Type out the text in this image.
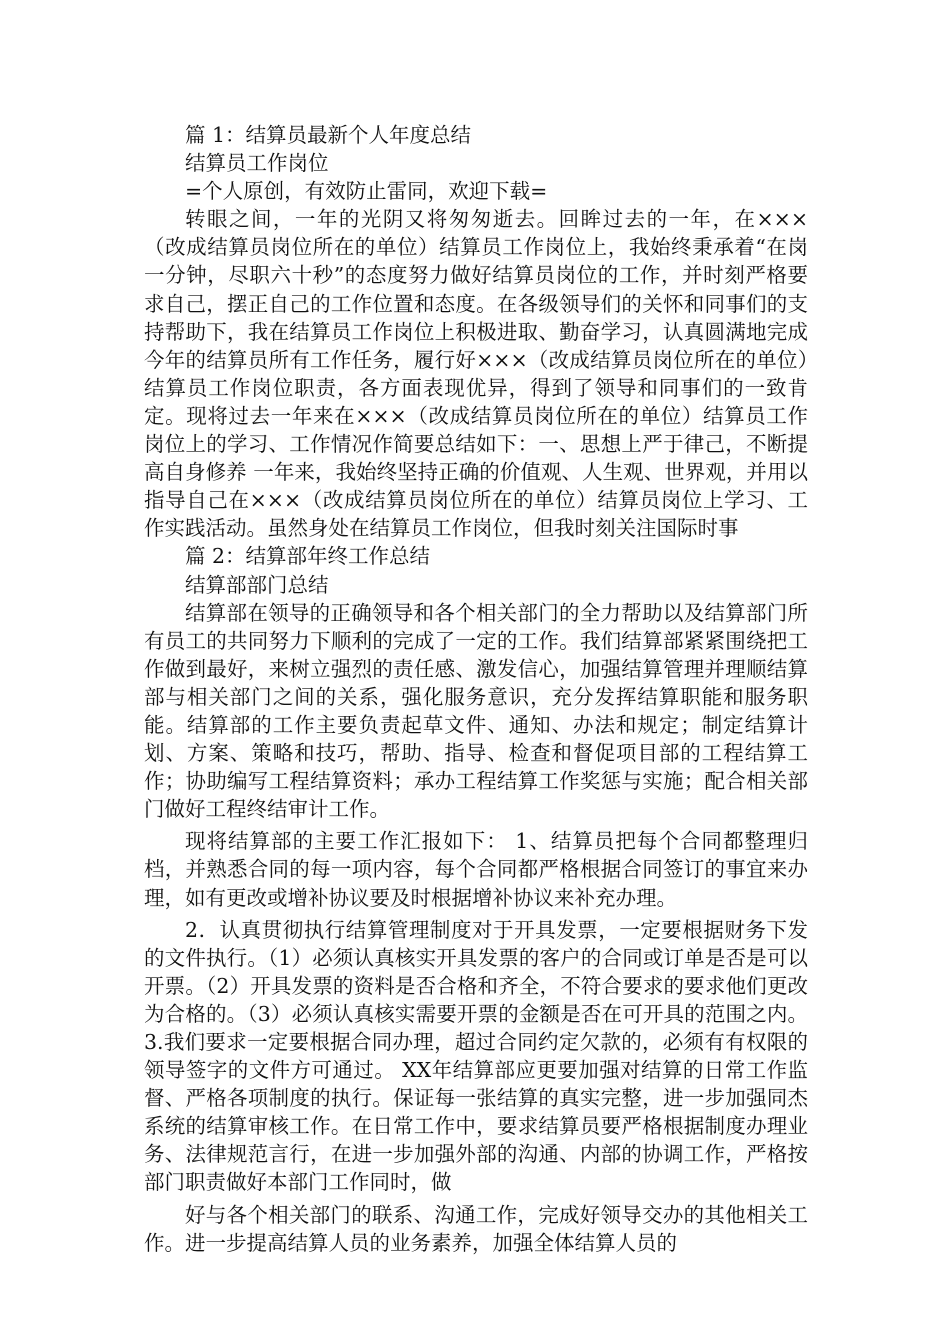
篇 1：结算员最新个人年度总结

结算员工作岗位

=个人原创，有效防止雷同，欢迎下载=

转眼之间，一年的光阴又将匆匆逝去。回眸过去的一年，在×××（改成结算员岗位所在的单位）结算员工作岗位上，我始终秉承着“在岗一分钟，尽职六十秒”的态度努力做好结算员岗位的工作，并时刻严格要求自己，摆正自己的工作位置和态度。在各级领导们的关怀和同事们的支持帮助下，我在结算员工作岗位上积极进取、勤奋学习，认真圆满地完成今年的结算员所有工作任务，履行好×××（改成结算员岗位所在的单位）结算员工作岗位职责，各方面表现优异，得到了领导和同事们的一致肯定。现将过去一年来在×××（改成结算员岗位所在的单位）结算员工作岗位上的学习、工作情况作简要总结如下：一、思想上严于律己，不断提高自身修养 一年来，我始终坚持正确的价值观、人生观、世界观，并用以指导自己在×××（改成结算员岗位所在的单位）结算员岗位上学习、工作实践活动。虽然身处在结算员工作岗位，但我时刻关注国际时事

篇 2：结算部年终工作总结

结算部部门总结

结算部在领导的正确领导和各个相关部门的全力帮助以及结算部门所有员工的共同努力下顺利的完成了一定的工作。我们结算部紧紧围绕把工作做到最好，来树立强烈的责任感、激发信心，加强结算管理并理顺结算部与相关部门之间的关系，强化服务意识，充分发挥结算职能和服务职能。结算部的工作主要负责起草文件、通知、办法和规定；制定结算计划、方案、策略和技巧，帮助、指导、检查和督促项目部的工程结算工作；协助编写工程结算资料；承办工程结算工作奖惩与实施；配合相关部门做好工程终结审计工作。

现将结算部的主要工作汇报如下： 1、结算员把每个合同都整理归档，并熟悉合同的每一项内容，每个合同都严格根据合同签订的事宜来办理，如有更改或增补协议要及时根据增补协议来补充办理。

2．认真贯彻执行结算管理制度对于开具发票，一定要根据财务下发的文件执行。（1）必须认真核实开具发票的客户的合同或订单是否是可以开票。（2）开具发票的资料是否合格和齐全，不符合要求的要求他们更改为合格的。（3）必须认真核实需要开票的金额是否在可开具的范围之内。 3.我们要求一定要根据合同办理，超过合同约定欠款的，必须有有权限的领导签字的文件方可通过。 XX年结算部应更要加强对结算的日常工作监督、严格各项制度的执行。保证每一张结算的真实完整，进一步加强同杰系统的结算审核工作。在日常工作中，要求结算员要严格根据制度办理业务、法律规范言行，在进一步加强外部的沟通、内部的协调工作，严格按部门职责做好本部门工作同时，做

好与各个相关部门的联系、沟通工作，完成好领导交办的其他相关工作。进一步提高结算人员的业务素养，加强全体结算人员的
